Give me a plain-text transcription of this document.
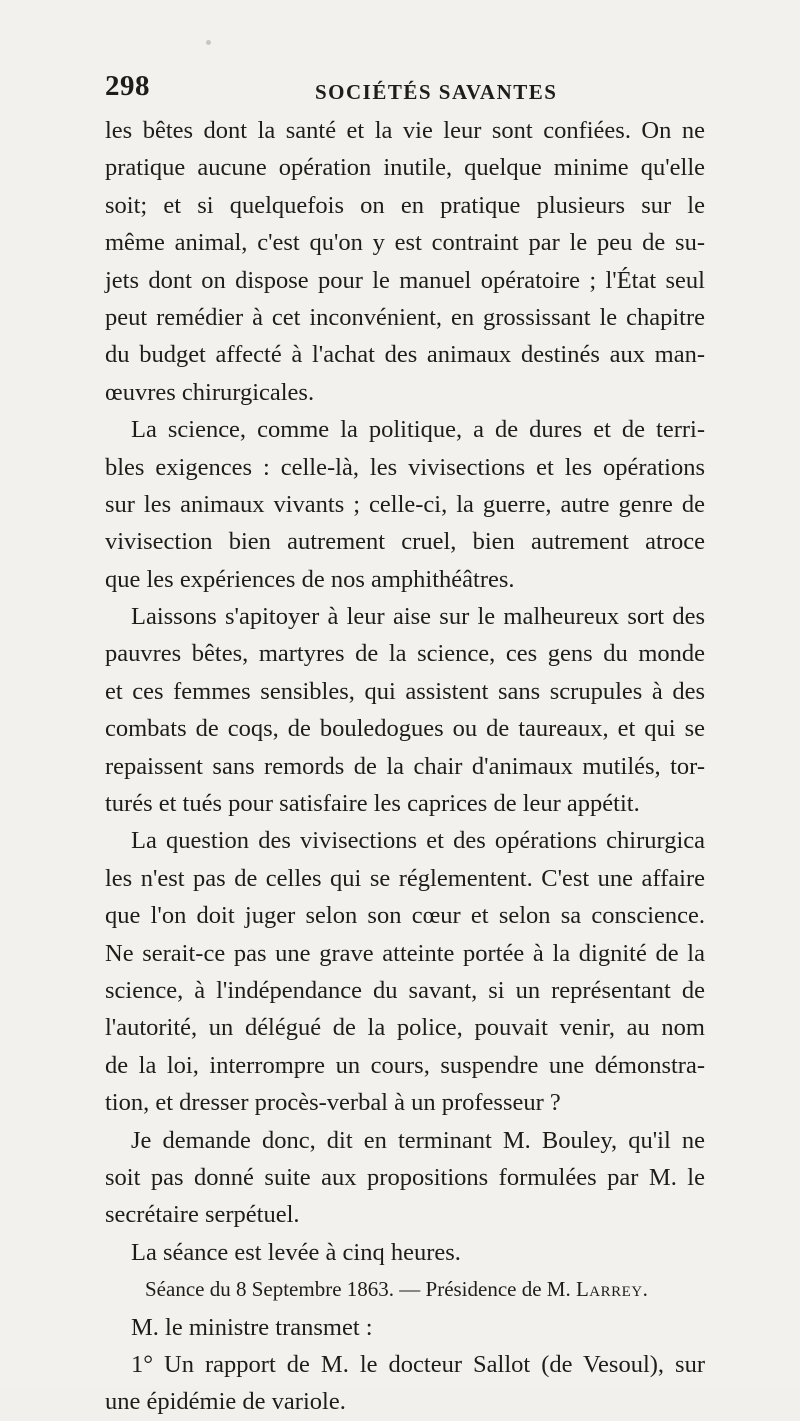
298	SOCIÉTÉS SAVANTES
les bêtes dont la santé et la vie leur sont confiées. On ne
pratique aucune opération inutile, quelque minime qu'elle
soit; et si quelquefois on en pratique plusieurs sur le
même animal, c'est qu'on y est contraint par le peu de su-
jets dont on dispose pour le manuel opératoire ; l'État seul
peut remédier à cet inconvénient, en grossissant le chapitre
du budget affecté à l'achat des animaux destinés aux man-
œuvres chirurgicales.
La science, comme la politique, a de dures et de terri-
bles exigences : celle-là, les vivisections et les opérations
sur les animaux vivants ; celle-ci, la guerre, autre genre de
vivisection bien autrement cruel, bien autrement atroce
que les expériences de nos amphithéâtres.
Laissons s'apitoyer à leur aise sur le malheureux sort des
pauvres bêtes, martyres de la science, ces gens du monde
et ces femmes sensibles, qui assistent sans scrupules à des
combats de coqs, de bouledogues ou de taureaux, et qui se
repaissent sans remords de la chair d'animaux mutilés, tor-
turés et tués pour satisfaire les caprices de leur appétit.
La question des vivisections et des opérations chirurgica
les n'est pas de celles qui se réglementent. C'est une affaire
que l'on doit juger selon son cœur et selon sa conscience.
Ne serait-ce pas une grave atteinte portée à la dignité de la
science, à l'indépendance du savant, si un représentant de
l'autorité, un délégué de la police, pouvait venir, au nom
de la loi, interrompre un cours, suspendre une démonstra-
tion, et dresser procès-verbal à un professeur ?
Je demande donc, dit en terminant M. Bouley, qu'il ne
soit pas donné suite aux propositions formulées par M. le
secrétaire serpétuel.
La séance est levée à cinq heures.
Séance du 8 Septembre 1863. — Présidence de M. Larrey.
M. le ministre transmet :
1° Un rapport de M. le docteur Sallot (de Vesoul), sur
une épidémie de variole.
